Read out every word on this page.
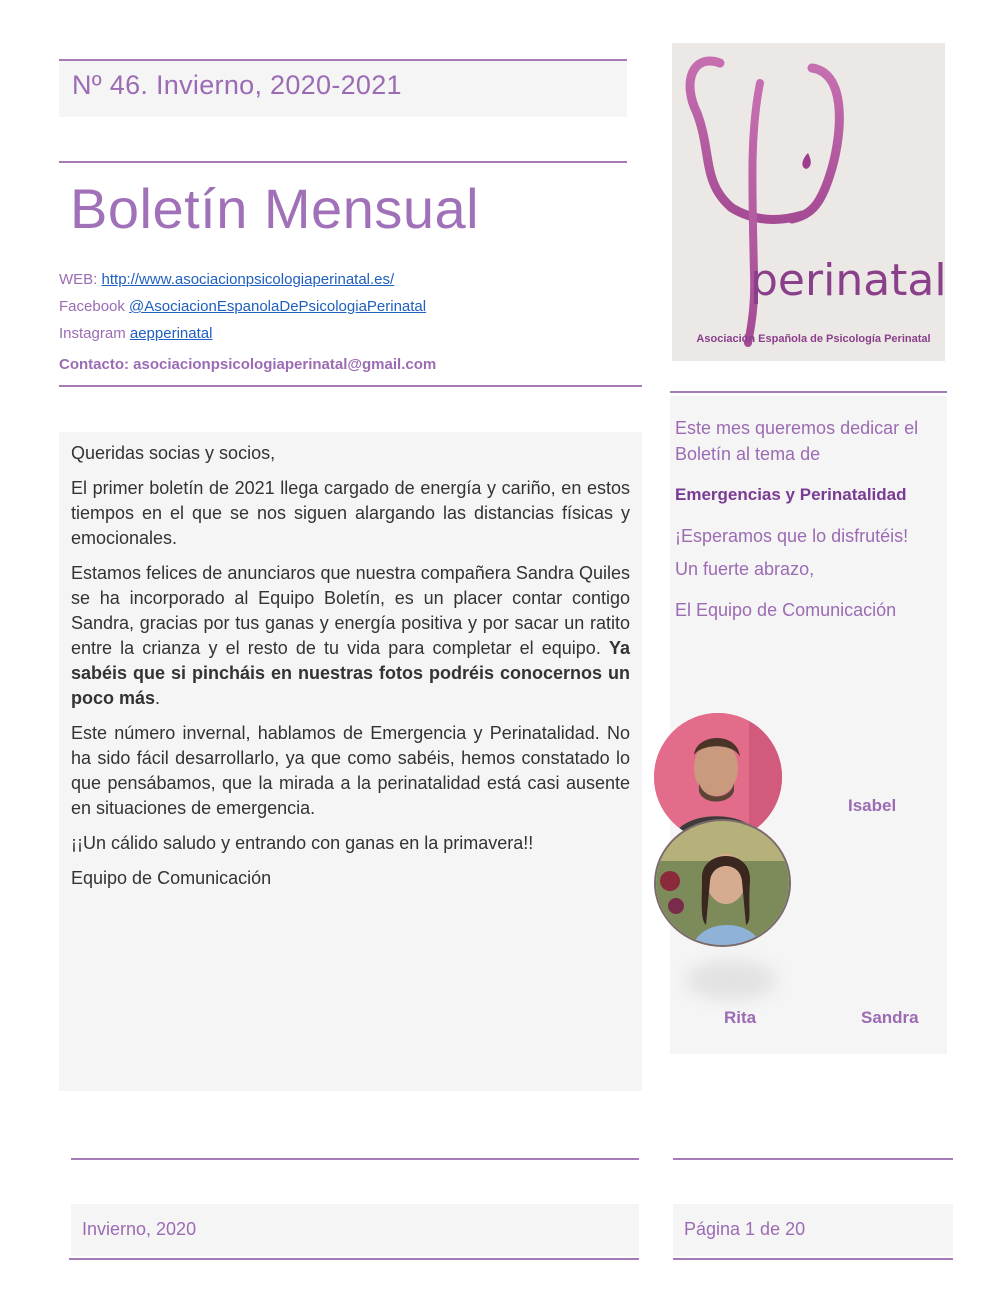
Nº 46. Invierno, 2020-2021
Boletín Mensual
WEB: http://www.asociacionpsicologiaperinatal.es/
Facebook @AsociacionEspanolaDePsicologiaPerinatal
Instagram aepperinatal
Contacto: asociacionpsicologiaperinatal@gmail.com

Queridas socias y socios,

El primer boletín de 2021 llega cargado de energía y cariño, en estos tiempos en el que se nos siguen alargando las distancias físicas y emocionales.

Estamos felices de anunciaros que nuestra compañera Sandra Quiles se ha incorporado al Equipo Boletín, es un placer contar contigo Sandra, gracias por tus ganas y energía positiva y por sacar un ratito entre la crianza y el resto de tu vida para completar el equipo. Ya sabéis que si pincháis en nuestras fotos podréis conocernos un poco más.

Este número invernal, hablamos de Emergencia y Perinatalidad. No ha sido fácil desarrollarlo, ya que como sabéis, hemos constatado lo que pensábamos, que la mirada a la perinatalidad está casi ausente en situaciones de emergencia.

¡¡Un cálido saludo y entrando con ganas en la primavera!!

Equipo de Comunicación

perinatal
Asociación Española de Psicología Perinatal
Este mes queremos dedicar el Boletín al tema de
Emergencias y Perinatalidad
¡Esperamos que lo disfrutéis!
Un fuerte abrazo,
El Equipo de Comunicación
Isabel
Rita	Sandra
Invierno, 2020	Página 1 de 20
